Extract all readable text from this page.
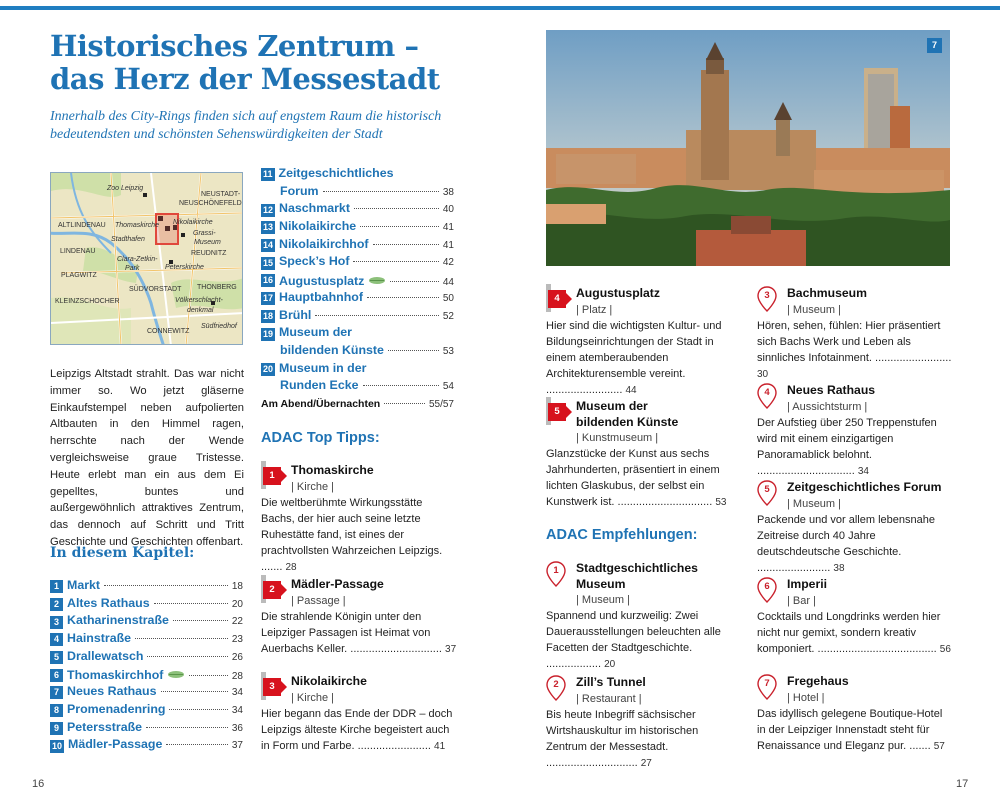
Historisches Zentrum –
das Herz der Messestadt
Innerhalb des City-Rings finden sich auf engstem Raum die historisch
bedeutendsten und schönsten Sehenswürdigkeiten der Stadt
Zoo Leipzig
NEUSTADT-
NEUSCHÖNEFELD
ALTLINDENAU Thomaskirche Nikolaikirche
Stadthafen
Grassi-
Museum
LINDENAU	REUDNITZ
Clara-Zetkin-
Park	Peterskirche
PLAGWITZ
SÜDVORSTADT THONBERG
KLEINZSCHOCHER	Völkerschlacht-
denkmal
CONNEWITZ
Südfriedhof

Leipzigs Altstadt strahlt. Das war nicht immer so. Wo jetzt gläserne Einkaufstempel neben aufpolierten Altbauten in den Himmel ragen, herrschte nach der Wende vergleichsweise graue Tristesse. Heute erlebt man ein aus dem Ei gepelltes, buntes und außergewöhnlich attraktives Zentrum, das dennoch auf Schritt und Tritt Geschichte und Geschichten offenbart.

In diesem Kapitel:
1 Markt	18
2 Altes Rathaus	20
3 Katharinenstraße	22
4 Hainstraße	23
5 Drallewatsch	26
6 Thomaskirchhof	28
7 Neues Rathaus	34
8 Promenadenring	34
9 Petersstraße	36
10 Mädler-Passage	37
16
11 Zeitgeschichtliches
Forum	38
12 Naschmarkt	40
13 Nikolaikirche	41
14 Nikolaikirchhof	41
15 Speck’s Hof	42
16 Augustusplatz	44
17 Hauptbahnhof	50
18 Brühl	52
19 Museum der
bildenden Künste	53
20 Museum in der
Runden Ecke	54
Am Abend/Übernachten	55/57
ADAC Top Tipps:
1	Thomaskirche
| Kirche |
Die weltberühmte Wirkungsstätte Bachs, der hier auch seine letzte Ruhestätte fand, ist eines der prachtvollsten Wahrzeichen Leipzigs. ....... 28
2	Mädler-Passage
| Passage |
Die strahlende Königin unter den Leipziger Passagen ist Heimat von Auerbachs Keller. .............................. 37
3	Nikolaikirche
| Kirche |
Hier begann das Ende der DDR – doch Leipzigs älteste Kirche begeistert auch in Form und Farbe. ........................ 41
7
4	Augustusplatz
| Platz |
Hier sind die wichtigsten Kultur- und Bildungseinrichtungen der Stadt in einem atemberaubenden Architekturensemble vereint. ......................... 44
5	Museum der
bildenden Künste
| Kunstmuseum |
Glanzstücke der Kunst aus sechs Jahrhunderten, präsentiert in einem lichten Glaskubus, der selbst ein Kunstwerk ist. ............................... 53
ADAC Empfehlungen:
1	Stadtgeschichtliches
Museum
| Museum |
Spannend und kurzweilig: Zwei Dauerausstellungen beleuchten alle Facetten der Stadtgeschichte. .................. 20
2	Zill’s Tunnel
| Restaurant |
Bis heute Inbegriff sächsischer Wirtshauskultur im historischen Zentrum der Messestadt. .............................. 27
3	Bachmuseum
| Museum |
Hören, sehen, fühlen: Hier präsentiert sich Bachs Werk und Leben als sinnliches Infotainment. ......................... 30
4	Neues Rathaus
| Aussichtsturm |
Der Aufstieg über 250 Treppenstufen wird mit einem einzigartigen Panoramablick belohnt. ................................ 34
5	Zeitgeschichtliches Forum
| Museum |
Packende und vor allem lebensnahe Zeitreise durch 40 Jahre deutschdeutsche Geschichte. ........................ 38
6	Imperii
| Bar |
Cocktails und Longdrinks werden hier nicht nur gemixt, sondern kreativ komponiert. ....................................... 56
7	Fregehaus
| Hotel |
Das idyllisch gelegene Boutique-Hotel in der Leipziger Innenstadt steht für Renaissance und Eleganz pur. ....... 57
17
